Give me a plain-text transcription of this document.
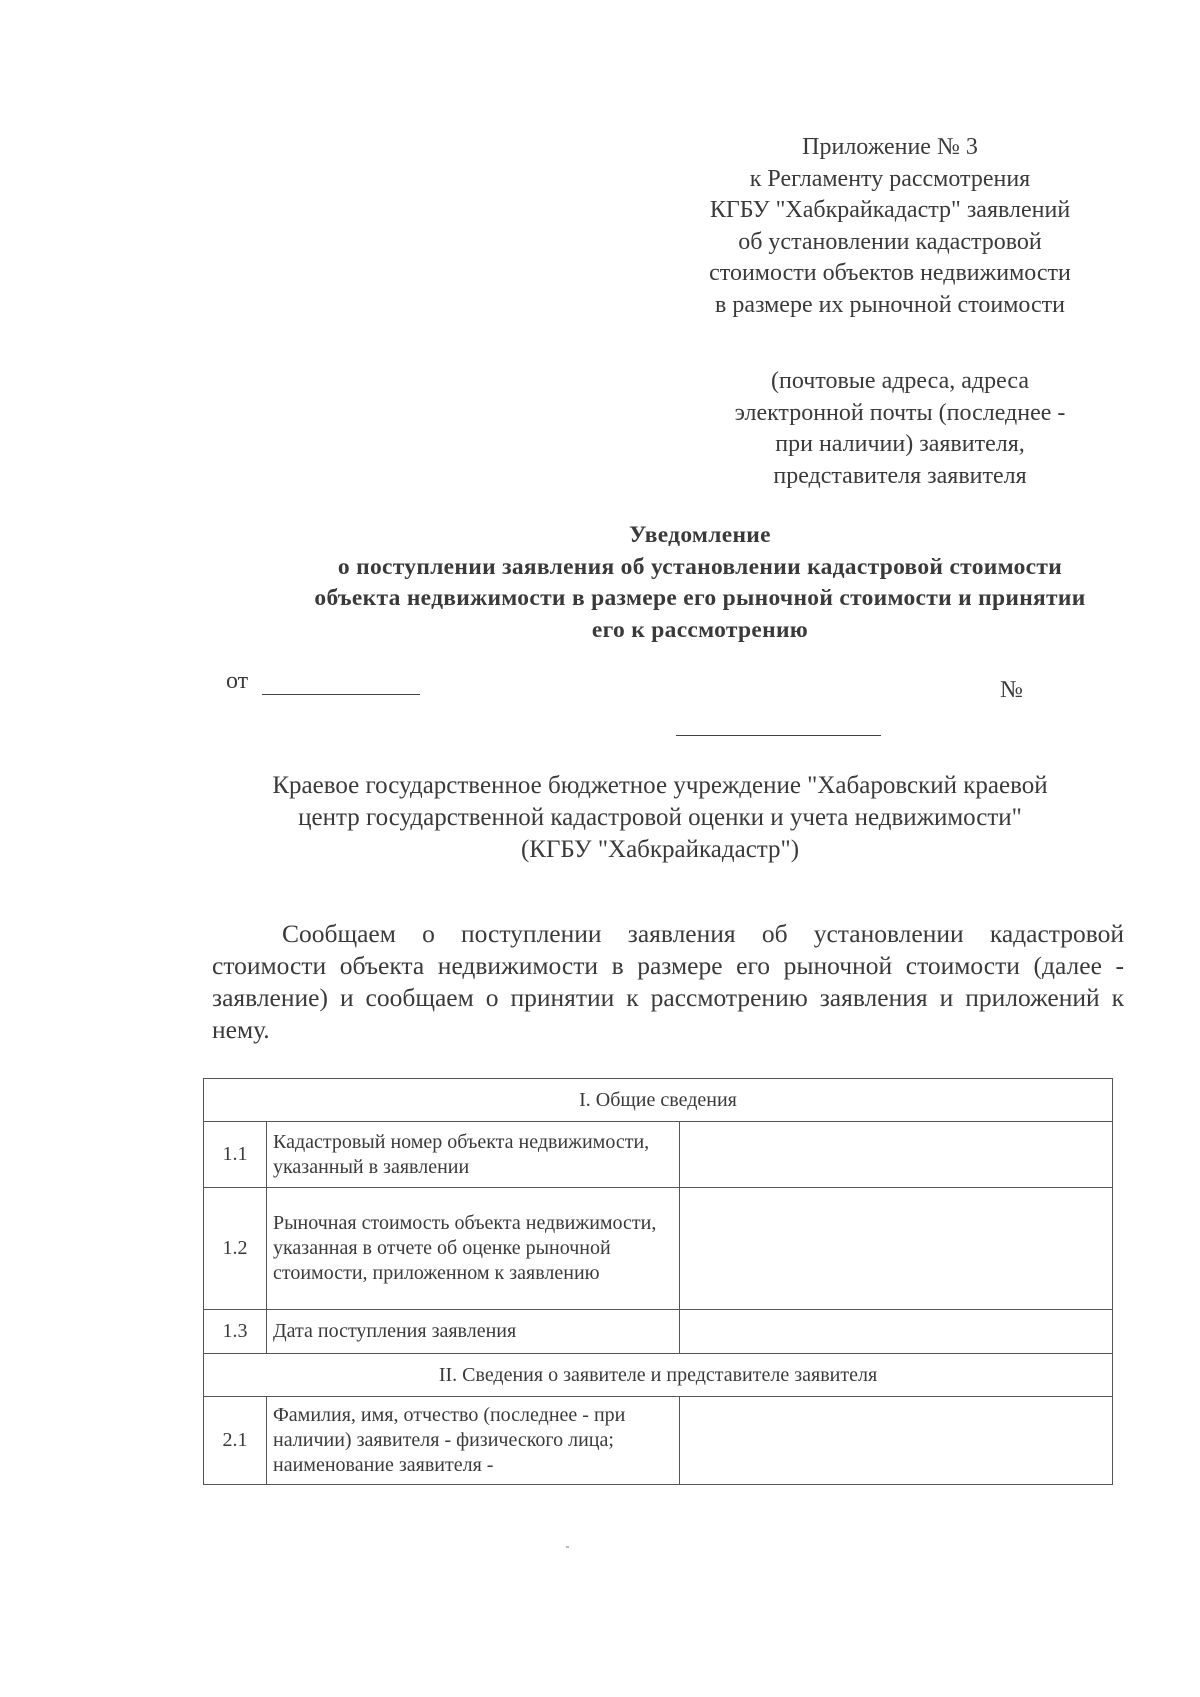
Приложение № 3
к Регламенту рассмотрения
КГБУ "Хабкрайкадастр" заявлений
об установлении кадастровой
стоимости объектов недвижимости
в размере их рыночной стоимости
(почтовые адреса, адреса
электронной почты (последнее -
при наличии) заявителя,
представителя заявителя
Уведомление
о поступлении заявления об установлении кадастровой стоимости
объекта недвижимости в размере его рыночной стоимости и принятии
его к рассмотрению
от	№
Краевое государственное бюджетное учреждение "Хабаровский краевой
центр государственной кадастровой оценки и учета недвижимости"
(КГБУ "Хабкрайкадастр")
Сообщаем о поступлении заявления об установлении кадастровой стоимости объекта недвижимости в размере его рыночной стоимости (далее - заявление) и сообщаем о принятии к рассмотрению заявления и приложений к нему.
I. Общие сведения		
1.1	Кадастровый номер объекта недвижимости, указанный в заявлении	
1.2	Рыночная стоимость объекта недвижимости, указанная в отчете об оценке рыночной стоимости, приложенном к заявлению	
1.3	Дата поступления заявления	
II. Сведения о заявителе и представителе заявителя		
2.1	Фамилия, имя, отчество (последнее - при наличии) заявителя - физического лица; наименование заявителя -	
